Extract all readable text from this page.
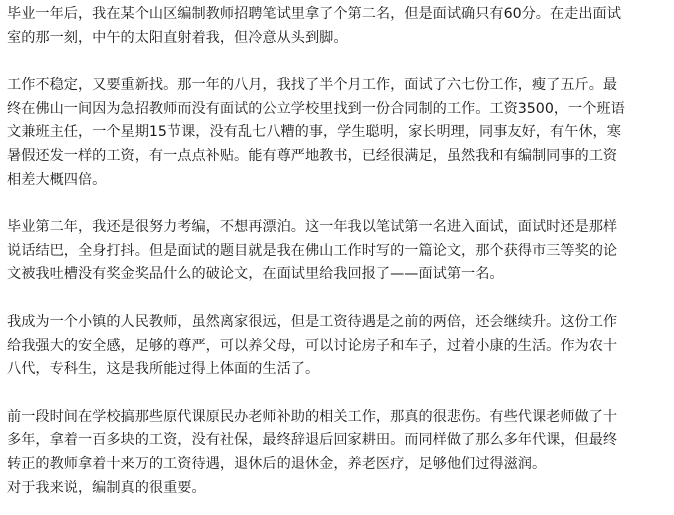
毕业一年后，我在某个山区编制教师招聘笔试里拿了个第二名，但是面试确只有60分。在走出面试
室的那一刻，中午的太阳直射着我，但冷意从头到脚。

工作不稳定，又要重新找。那一年的八月，我找了半个月工作，面试了六七份工作，瘦了五斤。最
终在佛山一间因为急招教师而没有面试的公立学校里找到一份合同制的工作。工资3500，一个班语
文兼班主任，一个星期15节课，没有乱七八糟的事，学生聪明，家长明理，同事友好，有午休，寒
暑假还发一样的工资，有一点点补贴。能有尊严地教书，已经很满足，虽然我和有编制同事的工资
相差大概四倍。

毕业第二年，我还是很努力考编，不想再漂泊。这一年我以笔试第一名进入面试，面试时还是那样
说话结巴，全身打抖。但是面试的题目就是我在佛山工作时写的一篇论文，那个获得市三等奖的论
文被我吐槽没有奖金奖品什么的破论文，在面试里给我回报了——面试第一名。

我成为一个小镇的人民教师，虽然离家很远，但是工资待遇是之前的两倍，还会继续升。这份工作
给我强大的安全感，足够的尊严，可以养父母，可以讨论房子和车子，过着小康的生活。作为农十
八代，专科生，这是我所能过得上体面的生活了。

前一段时间在学校搞那些原代课原民办老师补助的相关工作，那真的很悲伤。有些代课老师做了十
多年，拿着一百多块的工资，没有社保，最终辞退后回家耕田。而同样做了那么多年代课，但最终
转正的教师拿着十来万的工资待遇，退休后的退休金，养老医疗，足够他们过得滋润。
对于我来说，编制真的很重要。
